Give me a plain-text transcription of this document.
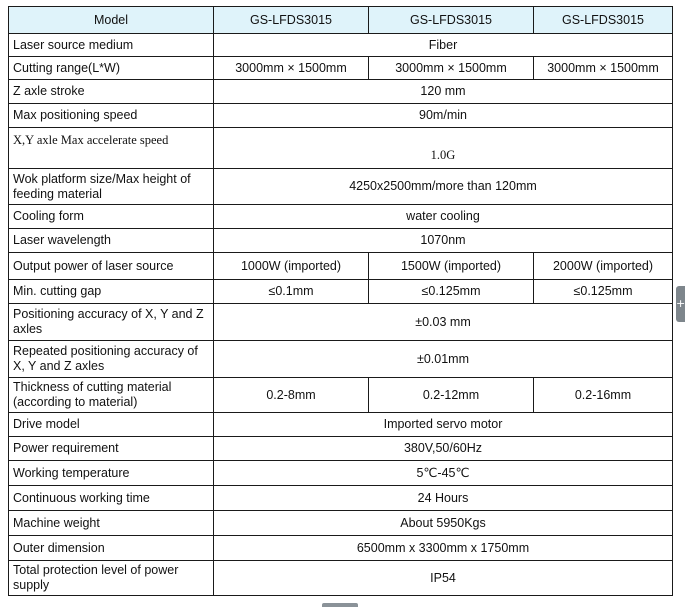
Model	GS-LFDS3015	GS-LFDS3015	GS-LFDS3015
Laser source medium	Fiber		
Cutting range(L*W)	3000mm × 1500mm	3000mm × 1500mm	3000mm × 1500mm
Z axle stroke	120 mm		
Max positioning speed	90m/min		
X,Y axle Max accelerate speed	1.0G		
Wok platform size/Max height of feeding material	4250x2500mm/more than 120mm		
Cooling form	water cooling		
Laser wavelength	1070nm		
Output power of laser source	1000W (imported)	1500W (imported)	2000W (imported)
Min. cutting gap	≤0.1mm	≤0.125mm	≤0.125mm
Positioning accuracy of X, Y and Z axles	±0.03 mm		
Repeated positioning accuracy of X, Y and Z axles	±0.01mm		
Thickness of cutting material (according to material)	0.2-8mm	0.2-12mm	0.2-16mm
Drive model	Imported servo motor		
Power requirement	380V,50/60Hz		
Working temperature	5℃-45℃		
Continuous working time	24 Hours		
Machine weight	About 5950Kgs		
Outer dimension	6500mm x 3300mm x 1750mm		
Total protection level of power supply	IP54		
+
